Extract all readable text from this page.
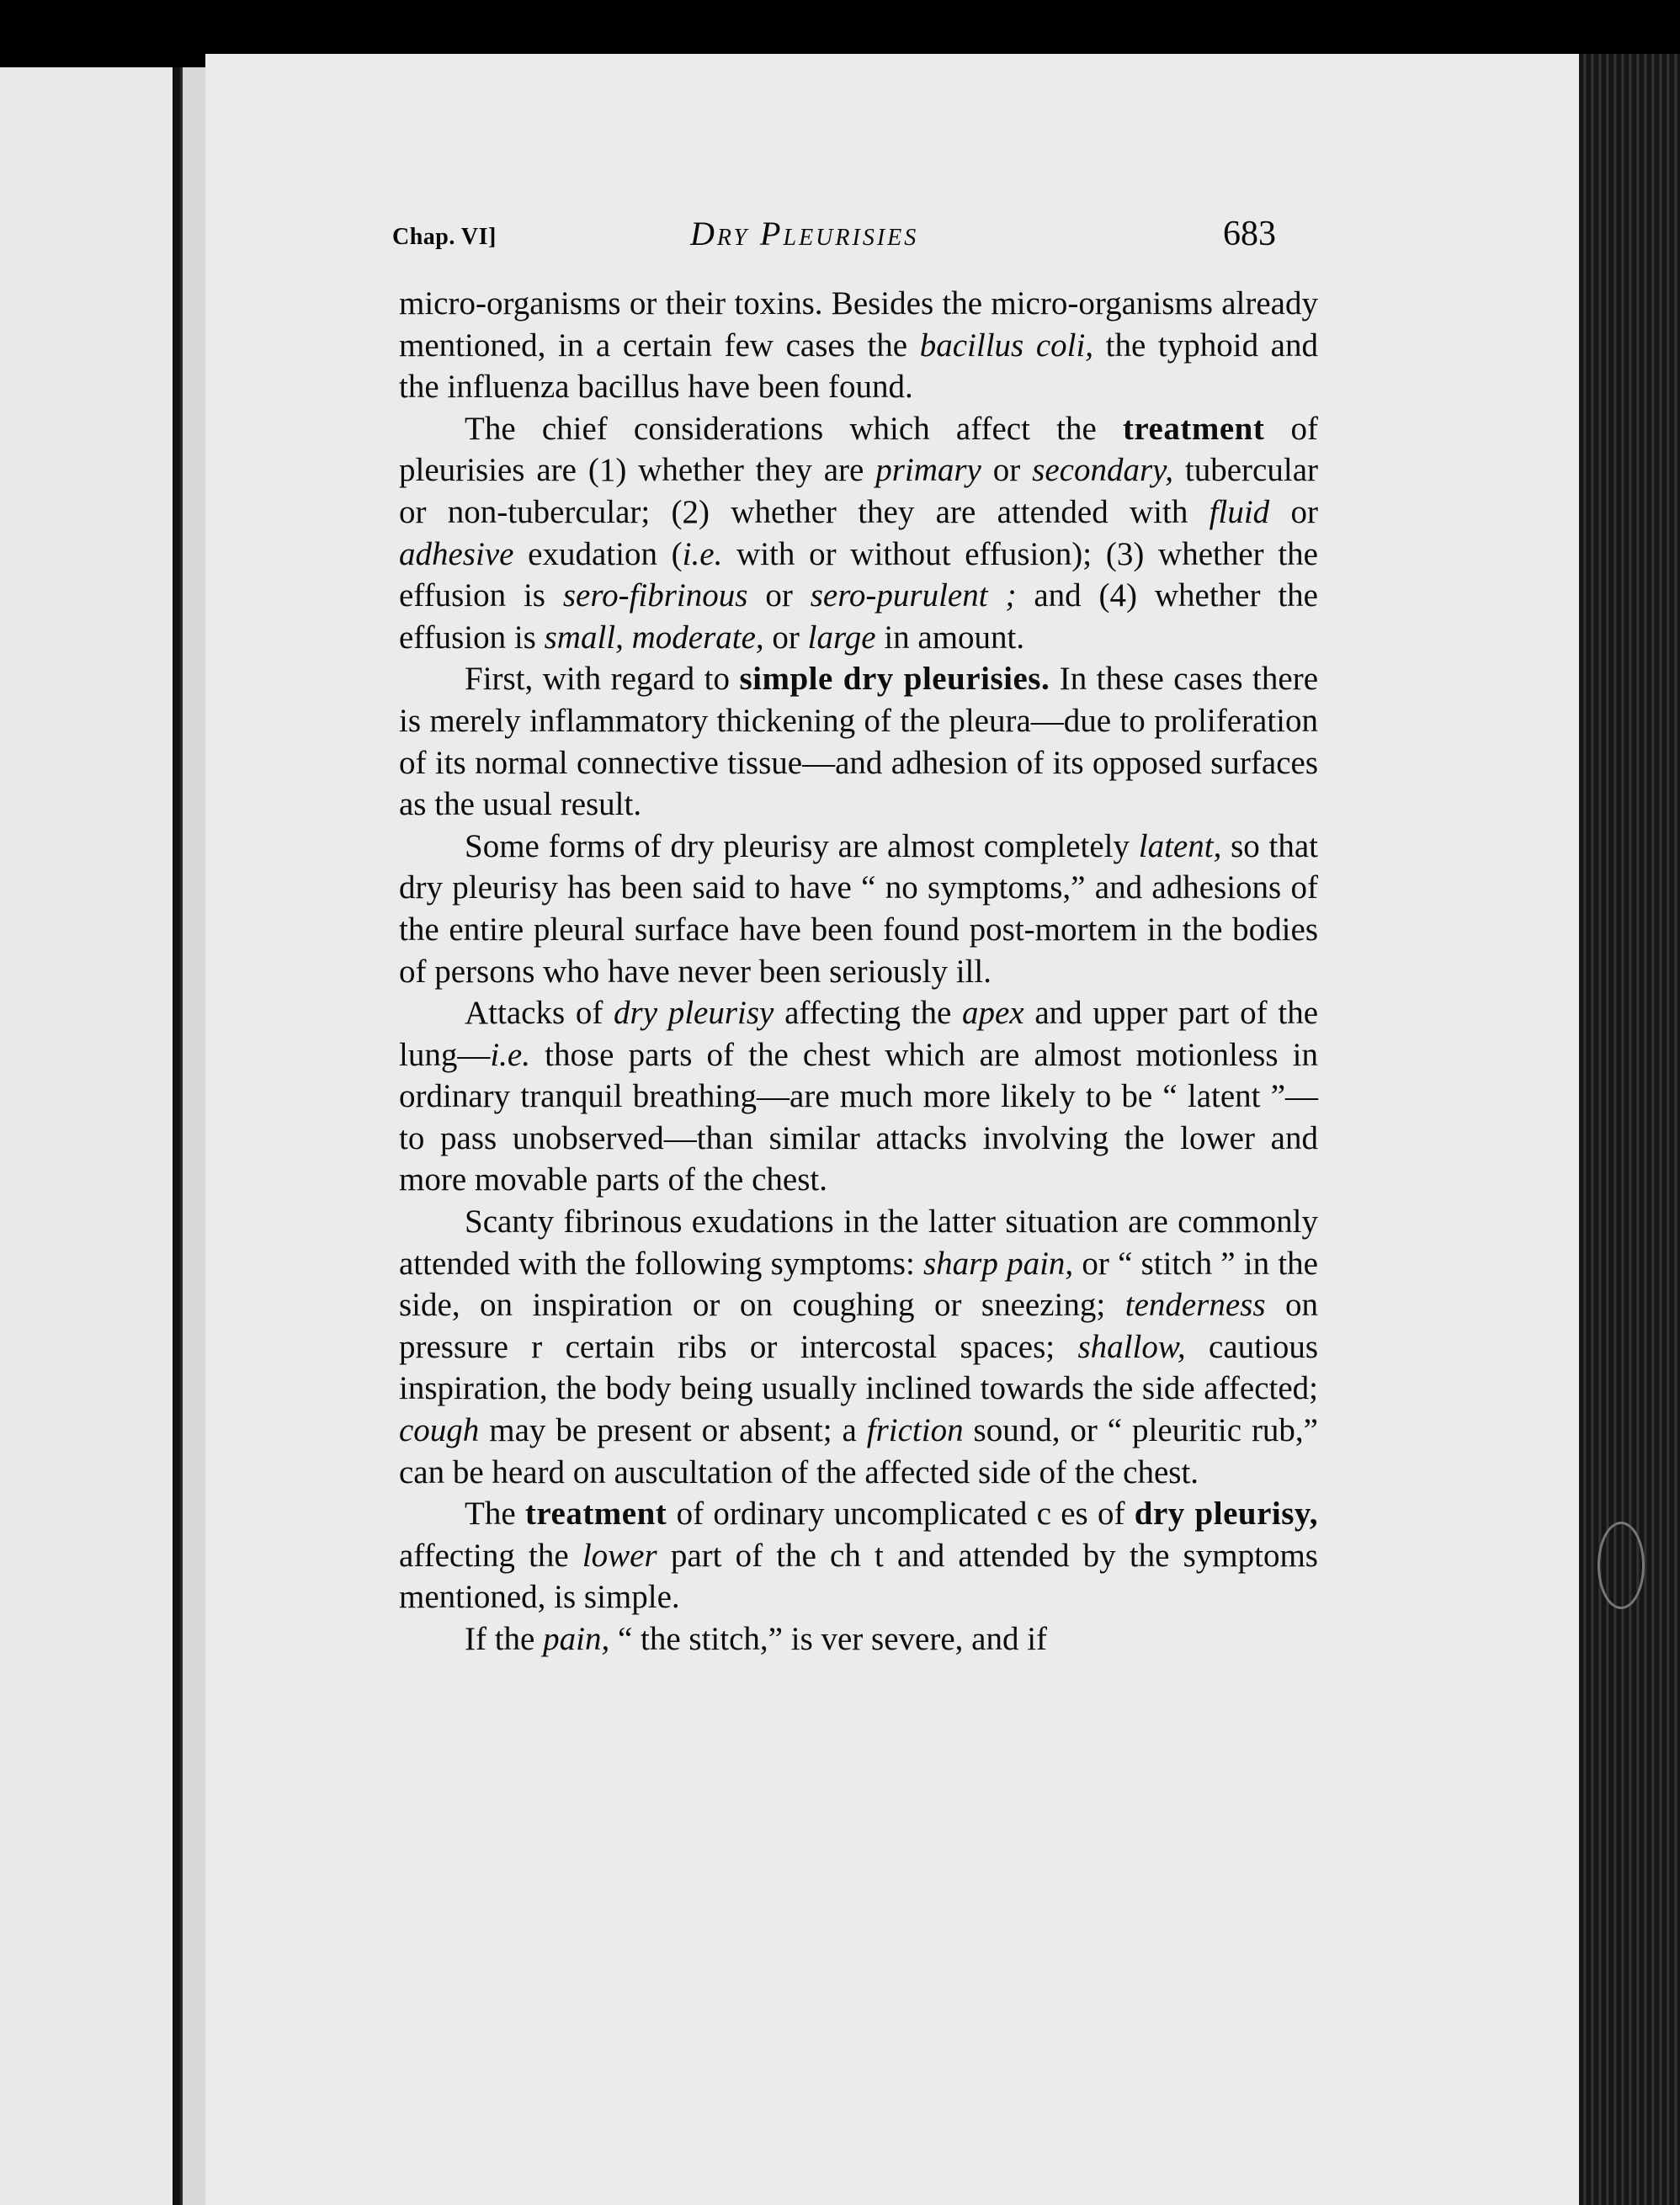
Chap. VI]	Dry Pleurisies	683

micro-organisms or their toxins. Besides the micro-organisms already mentioned, in a certain few cases the bacillus coli, the typhoid and the influenza bacillus have been found.

The chief considerations which affect the treatment of pleurisies are (1) whether they are primary or secondary, tubercular or non-tubercular; (2) whether they are attended with fluid or adhesive exudation (i.e. with or without effusion); (3) whether the effusion is sero-fibrinous or sero-purulent ; and (4) whether the effusion is small, moderate, or large in amount.

First, with regard to simple dry pleurisies. In these cases there is merely inflammatory thickening of the pleura—due to proliferation of its normal connective tissue—and adhesion of its opposed surfaces as the usual result.

Some forms of dry pleurisy are almost completely latent, so that dry pleurisy has been said to have “ no symptoms,” and adhesions of the entire pleural surface have been found post-mortem in the bodies of persons who have never been seriously ill.

Attacks of dry pleurisy affecting the apex and upper part of the lung—i.e. those parts of the chest which are almost motionless in ordinary tranquil breathing—are much more likely to be “ latent ”—to pass unobserved—than similar attacks involving the lower and more movable parts of the chest.

Scanty fibrinous exudations in the latter situation are commonly attended with the following symptoms: sharp pain, or “ stitch ” in the side, on inspiration or on coughing or sneezing; tenderness on pressure r certain ribs or intercostal spaces; shallow, cautious inspiration, the body being usually inclined towards the side affected; cough may be present or absent; a friction sound, or “ pleuritic rub,” can be heard on auscultation of the affected side of the chest.

The treatment of ordinary uncomplicated c es of dry pleurisy, affecting the lower part of the ch t and attended by the symptoms mentioned, is simple.

If the pain, “ the stitch,” is ver severe, and if
